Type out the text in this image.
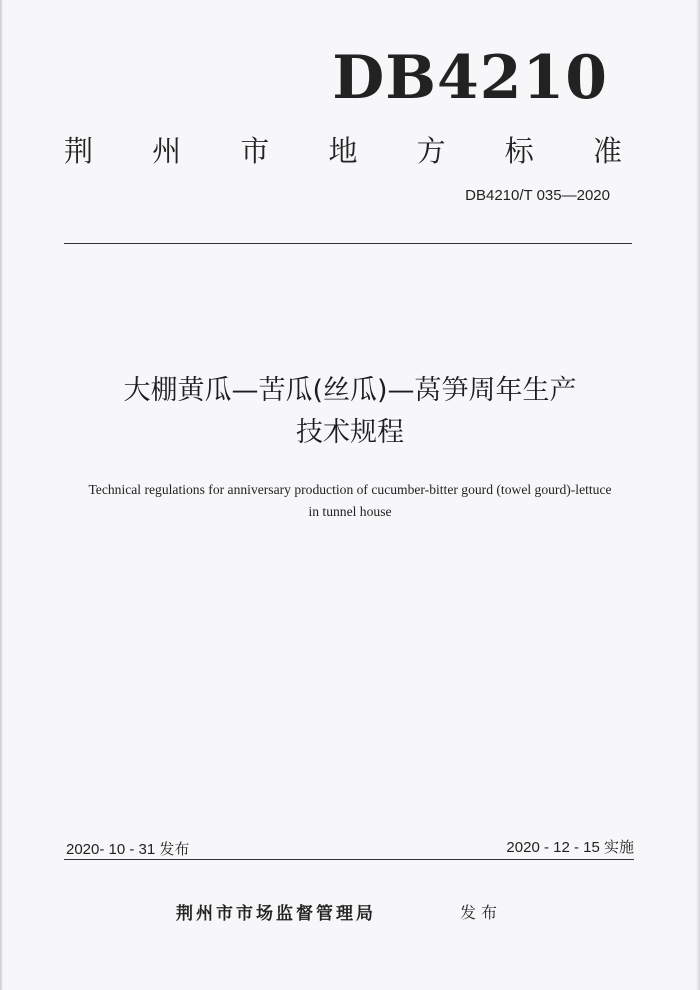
DB4210
荆 州 市 地 方 标 准
DB4210/T 035—2020
大棚黄瓜—苦瓜(丝瓜)—莴笋周年生产
技术规程
Technical regulations for anniversary production of cucumber-bitter gourd (towel gourd)-lettuce
in tunnel house
2020- 10 - 31 发布	2020 - 12 - 15 实施
荆州市市场监督管理局	发布
